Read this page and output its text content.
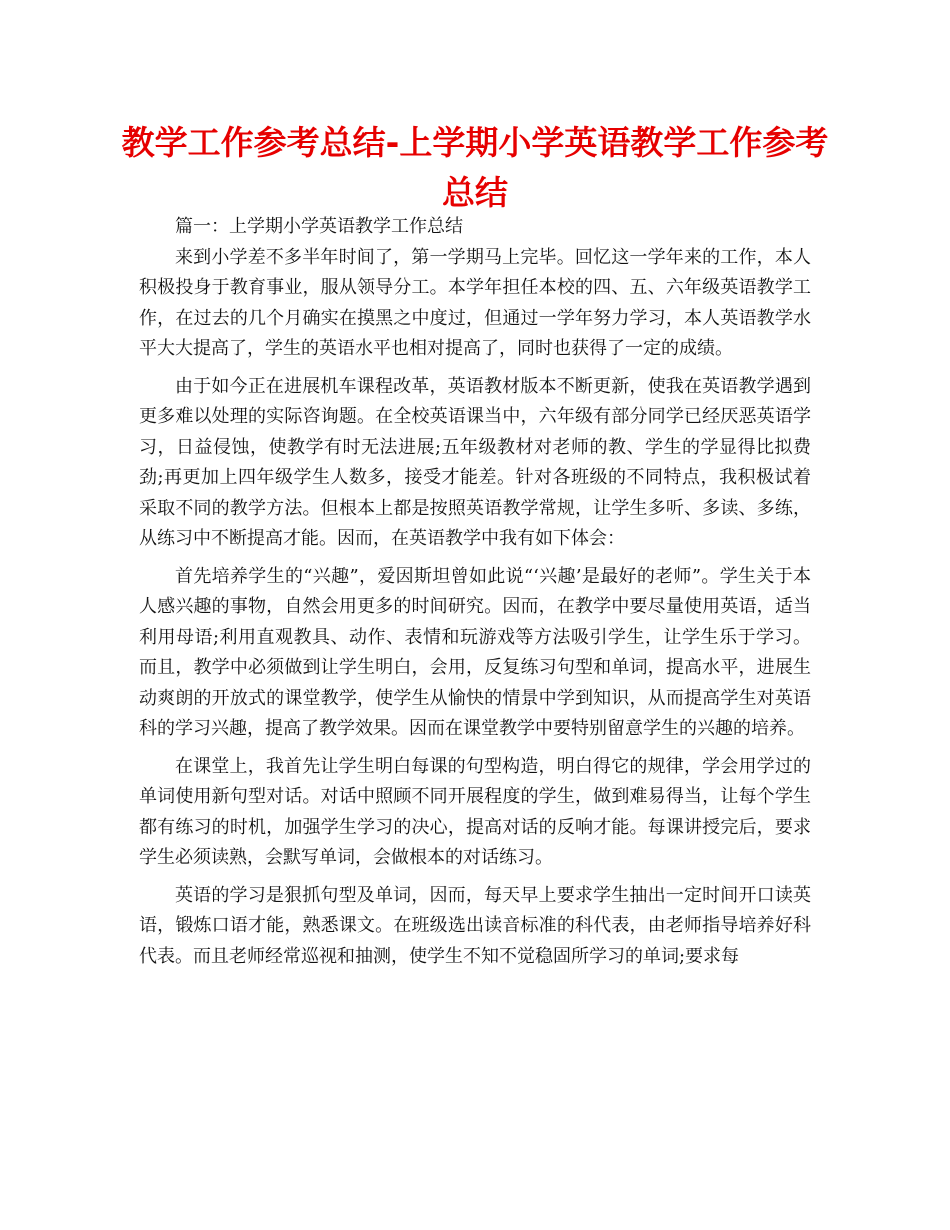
教学工作参考总结-上学期小学英语教学工作参考总结

篇一：上学期小学英语教学工作总结

来到小学差不多半年时间了，第一学期马上完毕。回忆这一学年来的工作，本人积极投身于教育事业，服从领导分工。本学年担任本校的四、五、六年级英语教学工作，在过去的几个月确实在摸黑之中度过，但通过一学年努力学习，本人英语教学水平大大提高了，学生的英语水平也相对提高了，同时也获得了一定的成绩。

由于如今正在进展机车课程改革，英语教材版本不断更新，使我在英语教学遇到更多难以处理的实际咨询题。在全校英语课当中，六年级有部分同学已经厌恶英语学习，日益侵蚀，使教学有时无法进展;五年级教材对老师的教、学生的学显得比拟费劲;再更加上四年级学生人数多，接受才能差。针对各班级的不同特点，我积极试着采取不同的教学方法。但根本上都是按照英语教学常规，让学生多听、多读、多练，从练习中不断提高才能。因而，在英语教学中我有如下体会：

首先培养学生的“兴趣”，爱因斯坦曾如此说“‘兴趣’是最好的老师”。学生关于本人感兴趣的事物，自然会用更多的时间研究。因而，在教学中要尽量使用英语，适当利用母语;利用直观教具、动作、表情和玩游戏等方法吸引学生，让学生乐于学习。而且，教学中必须做到让学生明白，会用，反复练习句型和单词，提高水平，进展生动爽朗的开放式的课堂教学，使学生从愉快的情景中学到知识，从而提高学生对英语科的学习兴趣，提高了教学效果。因而在课堂教学中要特别留意学生的兴趣的培养。

在课堂上，我首先让学生明白每课的句型构造，明白得它的规律，学会用学过的单词使用新句型对话。对话中照顾不同开展程度的学生，做到难易得当，让每个学生都有练习的时机，加强学生学习的决心，提高对话的反响才能。每课讲授完后，要求学生必须读熟，会默写单词，会做根本的对话练习。

英语的学习是狠抓句型及单词，因而，每天早上要求学生抽出一定时间开口读英语，锻炼口语才能，熟悉课文。在班级选出读音标准的科代表，由老师指导培养好科代表。而且老师经常巡视和抽测，使学生不知不觉稳固所学习的单词;要求每
